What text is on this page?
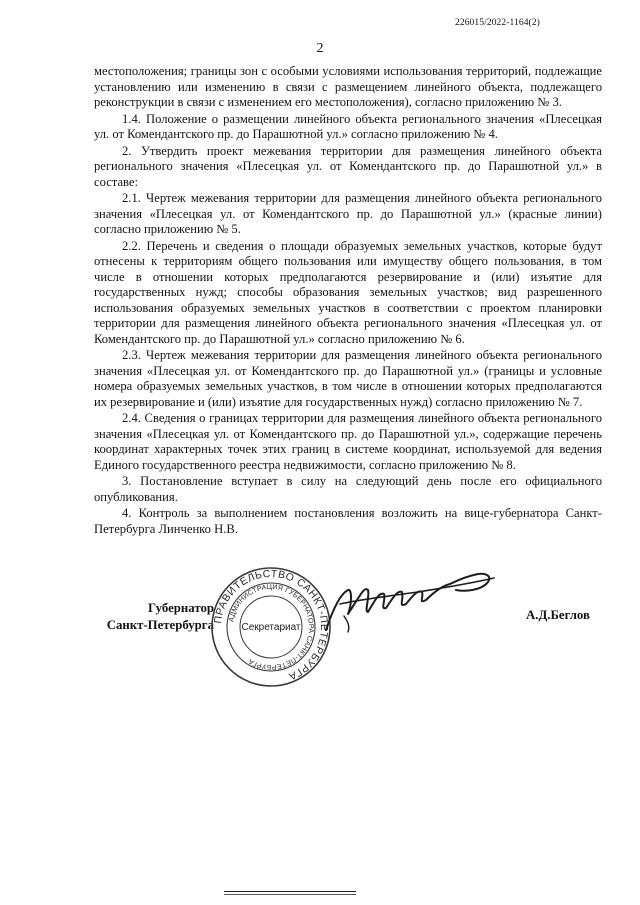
226015/2022-1164(2)
2

местоположения; границы зон с особыми условиями использования территорий, подлежащие установлению или изменению в связи с размещением линейного объекта, подлежащего реконструкции в связи с изменением его местоположения), согласно приложению № 3.

1.4. Положение о размещении линейного объекта регионального значения «Плесецкая ул. от Комендантского пр. до Парашютной ул.» согласно приложению № 4.

2. Утвердить проект межевания территории для размещения линейного объекта регионального значения «Плесецкая ул. от Комендантского пр. до Парашютной ул.» в составе:

2.1. Чертеж межевания территории для размещения линейного объекта регионального значения «Плесецкая ул. от Комендантского пр. до Парашютной ул.» (красные линии) согласно приложению № 5.

2.2. Перечень и сведения о площади образуемых земельных участков, которые будут отнесены к территориям общего пользования или имуществу общего пользования, в том числе в отношении которых предполагаются резервирование и (или) изъятие для государственных нужд; способы образования земельных участков; вид разрешенного использования образуемых земельных участков в соответствии с проектом планировки территории для размещения линейного объекта регионального значения «Плесецкая ул. от Комендантского пр. до Парашютной ул.» согласно приложению № 6.

2.3. Чертеж межевания территории для размещения линейного объекта регионального значения «Плесецкая ул. от Комендантского пр. до Парашютной ул.» (границы и условные номера образуемых земельных участков, в том числе в отношении которых предполагаются их резервирование и (или) изъятие для государственных нужд) согласно приложению № 7.

2.4. Сведения о границах территории для размещения линейного объекта регионального значения «Плесецкая ул. от Комендантского пр. до Парашютной ул.», содержащие перечень координат характерных точек этих границ в системе координат, используемой для ведения Единого государственного реестра недвижимости, согласно приложению № 8.

3. Постановление вступает в силу на следующий день после его официального опубликования.

4. Контроль за выполнением постановления возложить на вице-губернатора Санкт-Петербурга Линченко Н.В.

Губернатор
Санкт-Петербурга ПРАВИТЕЛЬСТВО САНКТ-ПЕТЕРБУРГА
АДМИНИСТРАЦИЯ ГУБЕРНАТОРА САНКТ-ПЕТЕРБУРГА
Секретариат
А.Д.Беглов
